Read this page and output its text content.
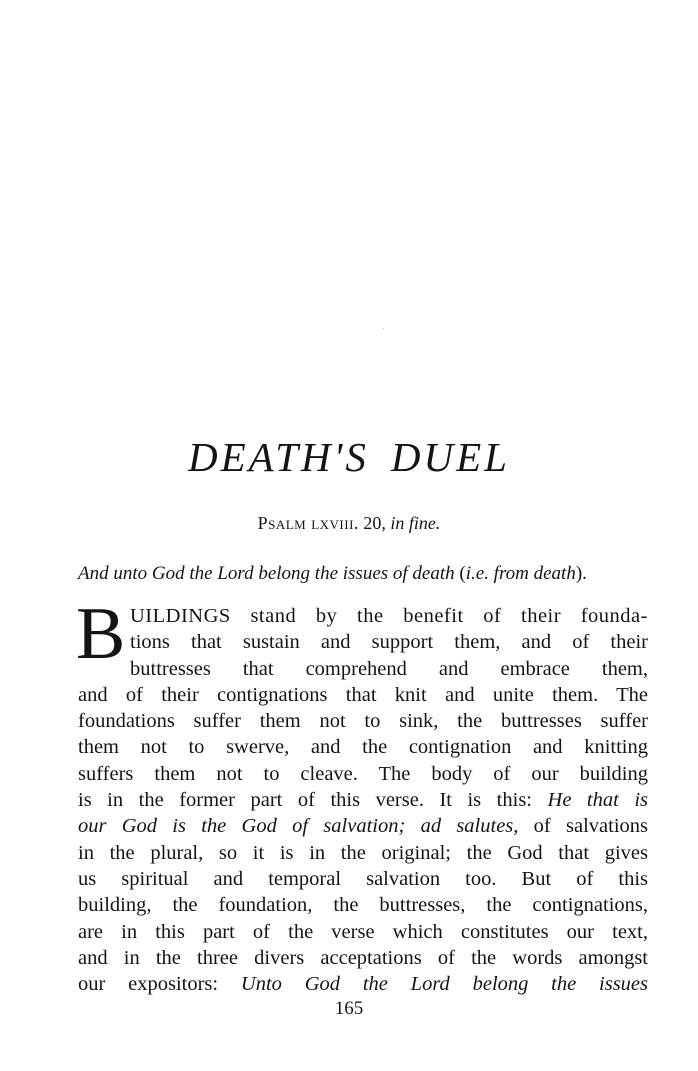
DEATH'S DUEL
Psalm lxviii. 20, in fine.
And unto God the Lord belong the issues of death (i.e. from death).
B UILDINGS stand by the benefit of their founda-
tions that sustain and support them, and of their
buttresses that comprehend and embrace them,
and of their contignations that knit and unite them. The
foundations suffer them not to sink, the buttresses suffer
them not to swerve, and the contignation and knitting
suffers them not to cleave. The body of our building
is in the former part of this verse. It is this: He that is
our God is the God of salvation; ad salutes, of salvations
in the plural, so it is in the original; the God that gives
us spiritual and temporal salvation too. But of this
building, the foundation, the buttresses, the contignations,
are in this part of the verse which constitutes our text,
and in the three divers acceptations of the words amongst
our expositors: Unto God the Lord belong the issues
165
